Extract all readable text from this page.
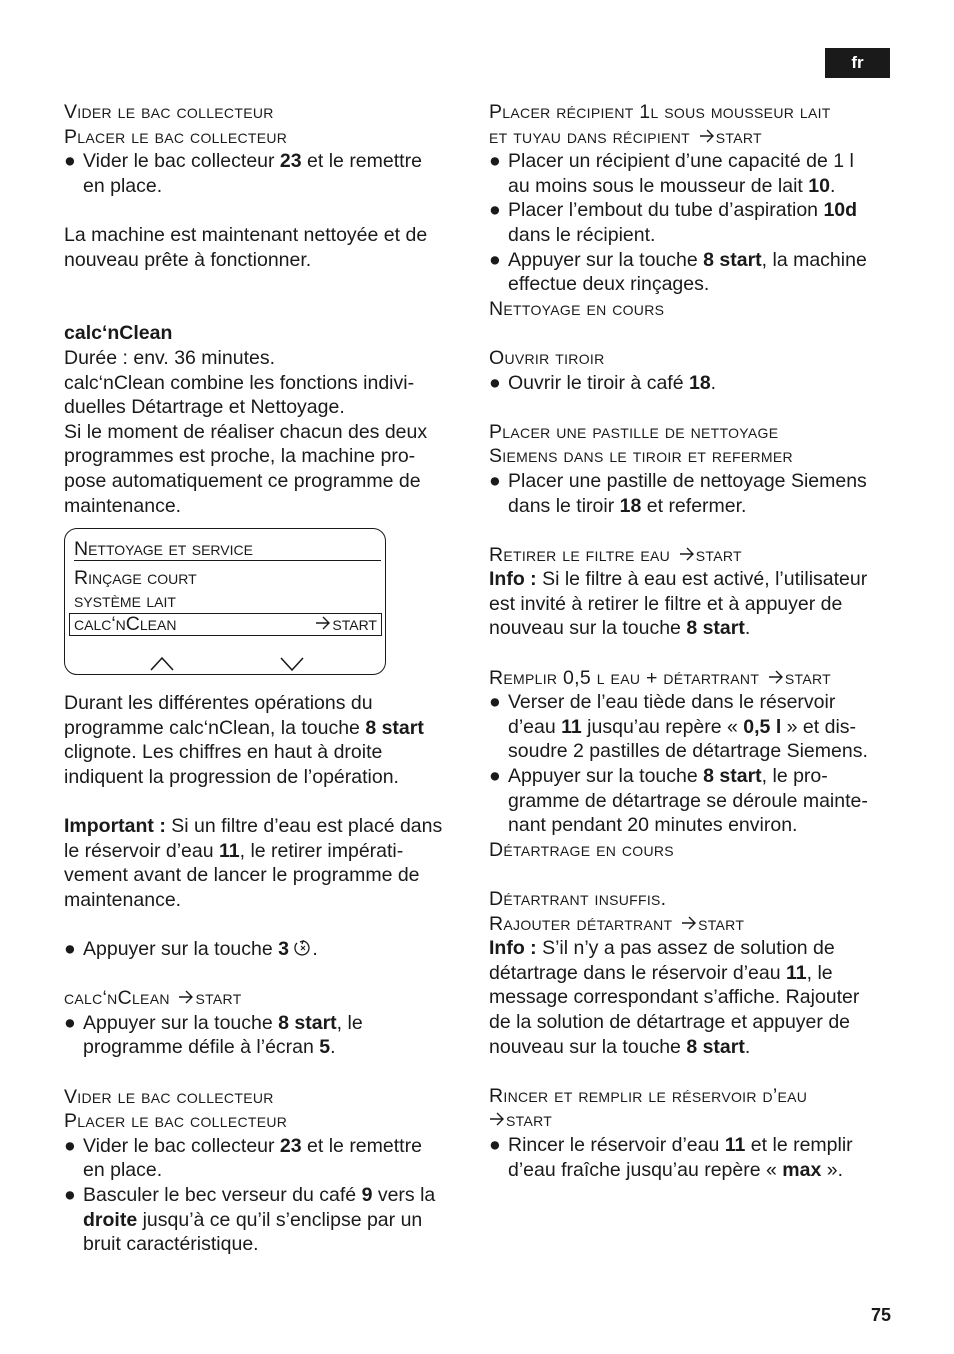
fr
Vider le bac collecteur
Placer le bac collecteur
● Vider le bac collecteur 23 et le remettre
en place.
La machine est maintenant nettoyée et de
nouveau prête à fonctionner.
calc‘nClean
Durée : env. 36 minutes.
calc‘nClean combine les fonctions indivi-
duelles Détartrage et Nettoyage.
Si le moment de réaliser chacun des deux
programmes est proche, la machine pro-
pose automatiquement ce programme de
maintenance.
Nettoyage et service
Rinçage court
système lait
calc‘nClean	start
Durant les différentes opérations du
programme calc‘nClean, la touche 8 start
clignote. Les chiffres en haut à droite
indiquent la progression de l’opération.
Important : Si un filtre d’eau est placé dans
le réservoir d’eau 11, le retirer impérati-
vement avant de lancer le programme de
maintenance.
● Appuyer sur la touche 3 .
calc‘nClean start
● Appuyer sur la touche 8 start, le
programme défile à l’écran 5.
Vider le bac collecteur
Placer le bac collecteur
● Vider le bac collecteur 23 et le remettre
en place.
● Basculer le bec verseur du café 9 vers la
droite jusqu’à ce qu’il s’enclipse par un
bruit caractéristique.
Placer récipient 1l sous mousseur lait
et tuyau dans récipient start
● Placer un récipient d’une capacité de 1 l
au moins sous le mousseur de lait 10.
● Placer l’embout du tube d’aspiration 10d
dans le récipient.
● Appuyer sur la touche 8 start, la machine
effectue deux rinçages.
Nettoyage en cours
Ouvrir tiroir
● Ouvrir le tiroir à café 18.
Placer une pastille de nettoyage
Siemens dans le tiroir et refermer
● Placer une pastille de nettoyage Siemens
dans le tiroir 18 et refermer.
Retirer le filtre eau start
Info : Si le filtre à eau est activé, l’utilisateur
est invité à retirer le filtre et à appuyer de
nouveau sur la touche 8 start.
Remplir 0,5 l eau + détartrant start
● Verser de l’eau tiède dans le réservoir
d’eau 11 jusqu’au repère « 0,5 l » et dis-
soudre 2 pastilles de détartrage Siemens.
● Appuyer sur la touche 8 start, le pro-
gramme de détartrage se déroule mainte-
nant pendant 20 minutes environ.
Détartrage en cours
Détartrant insuffis.
Rajouter détartrant start
Info : S’il n’y a pas assez de solution de
détartrage dans le réservoir d’eau 11, le
message correspondant s’affiche. Rajouter
de la solution de détartrage et appuyer de
nouveau sur la touche 8 start.
Rincer et remplir le réservoir d’eau
start
● Rincer le réservoir d’eau 11 et le remplir
d’eau fraîche jusqu’au repère « max ».
75
